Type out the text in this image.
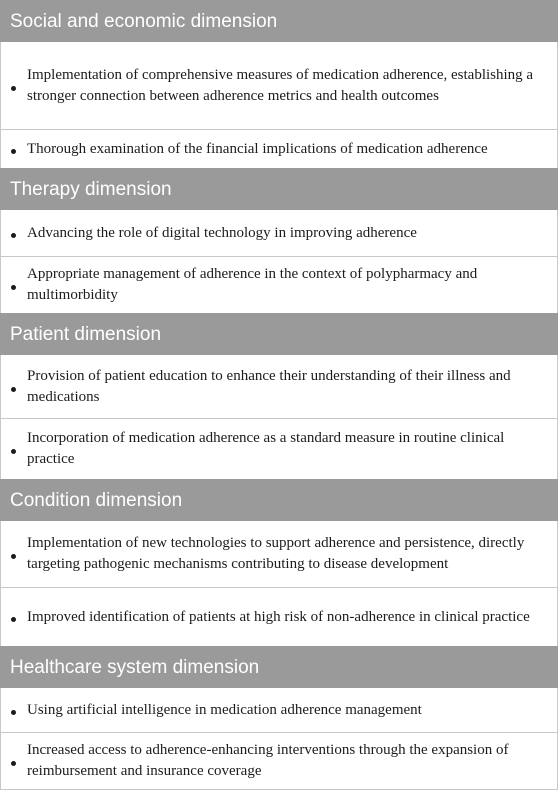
Social and economic dimension
Implementation of comprehensive measures of medication adherence, establishing a stronger connection between adherence metrics and health outcomes
Thorough examination of the financial implications of medication adherence
Therapy dimension
Advancing the role of digital technology in improving adherence
Appropriate management of adherence in the context of polypharmacy and multimorbidity
Patient dimension
Provision of patient education to enhance their understanding of their illness and medications
Incorporation of medication adherence as a standard measure in routine clinical practice
Condition dimension
Implementation of new technologies to support adherence and persistence, directly targeting pathogenic mechanisms contributing to disease development
Improved identification of patients at high risk of non-adherence in clinical practice
Healthcare system dimension
Using artificial intelligence in medication adherence management
Increased access to adherence-enhancing interventions through the expansion of reimbursement and insurance coverage
